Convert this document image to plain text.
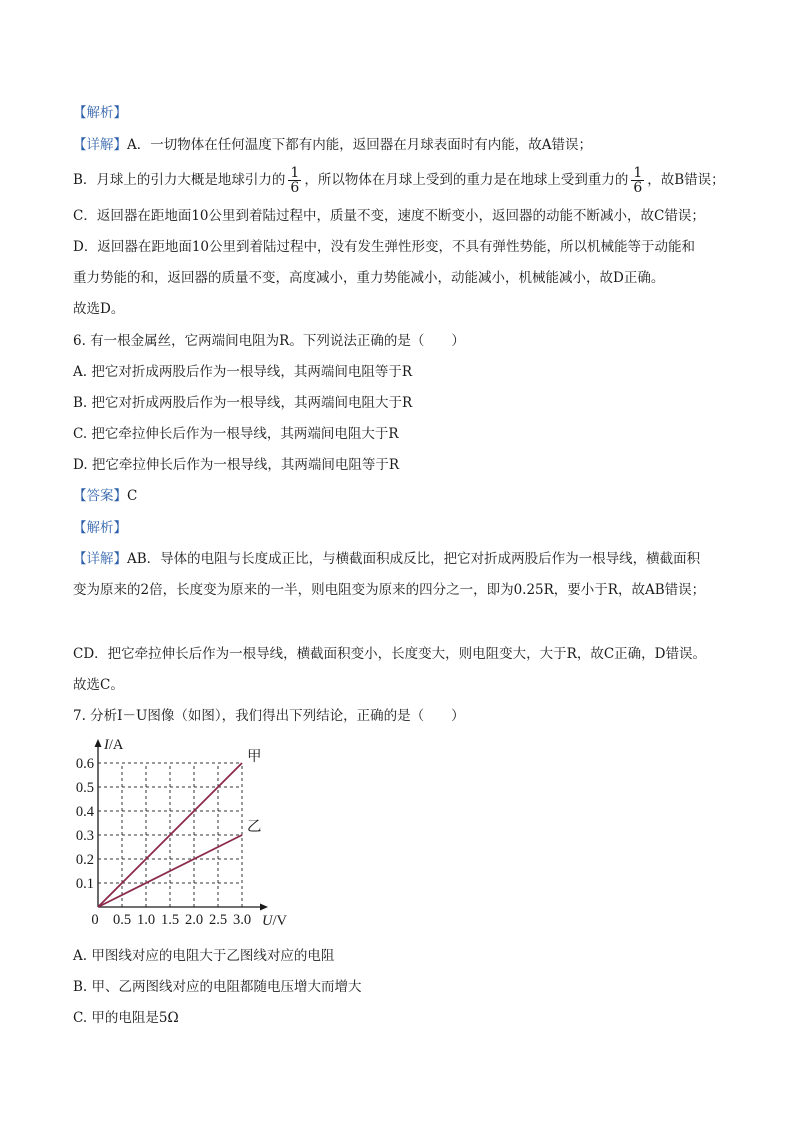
【解析】
【详解】A．一切物体在任何温度下都有内能，返回器在月球表面时有内能，故A错误；
B．月球上的引力大概是地球引力的 $\frac{1}{6}$ ，所以物体在月球上受到的重力是在地球上受到重力的 $\frac{1}{6}$ ，故B错误；
C．返回器在距地面10公里到着陆过程中，质量不变，速度不断变小，返回器的动能不断减小，故C错误；
D．返回器在距地面10公里到着陆过程中，没有发生弹性形变，不具有弹性势能，所以机械能等于动能和
重力势能的和，返回器的质量不变，高度减小，重力势能减小，动能减小，机械能减小，故D正确。
故选D。
6. 有一根金属丝，它两端间电阻为R。下列说法正确的是（　　）
A. 把它对折成两股后作为一根导线，其两端间电阻等于R
B. 把它对折成两股后作为一根导线，其两端间电阻大于R
C. 把它牵拉伸长后作为一根导线，其两端间电阻大于R
D. 把它牵拉伸长后作为一根导线，其两端间电阻等于R
【答案】C
【解析】
【详解】AB．导体的电阻与长度成正比，与横截面积成反比，把它对折成两股后作为一根导线，横截面积
变为原来的2倍，长度变为原来的一半，则电阻变为原来的四分之一，即为0.25R，要小于R，故AB错误；
CD．把它牵拉伸长后作为一根导线，横截面积变小，长度变大，则电阻变大，大于R，故C正确，D错误。
故选C。
7. 分析I－U图像（如图），我们得出下列结论，正确的是（　　）
U/V
I/A
0 0.5 1.0 1.5 2.0 2.5 3.0
0.1
0.2
0.3
0.4
0.5
0.6	甲
乙
A. 甲图线对应的电阻大于乙图线对应的电阻
B. 甲、乙两图线对应的电阻都随电压增大而增大
C. 甲的电阻是5Ω
